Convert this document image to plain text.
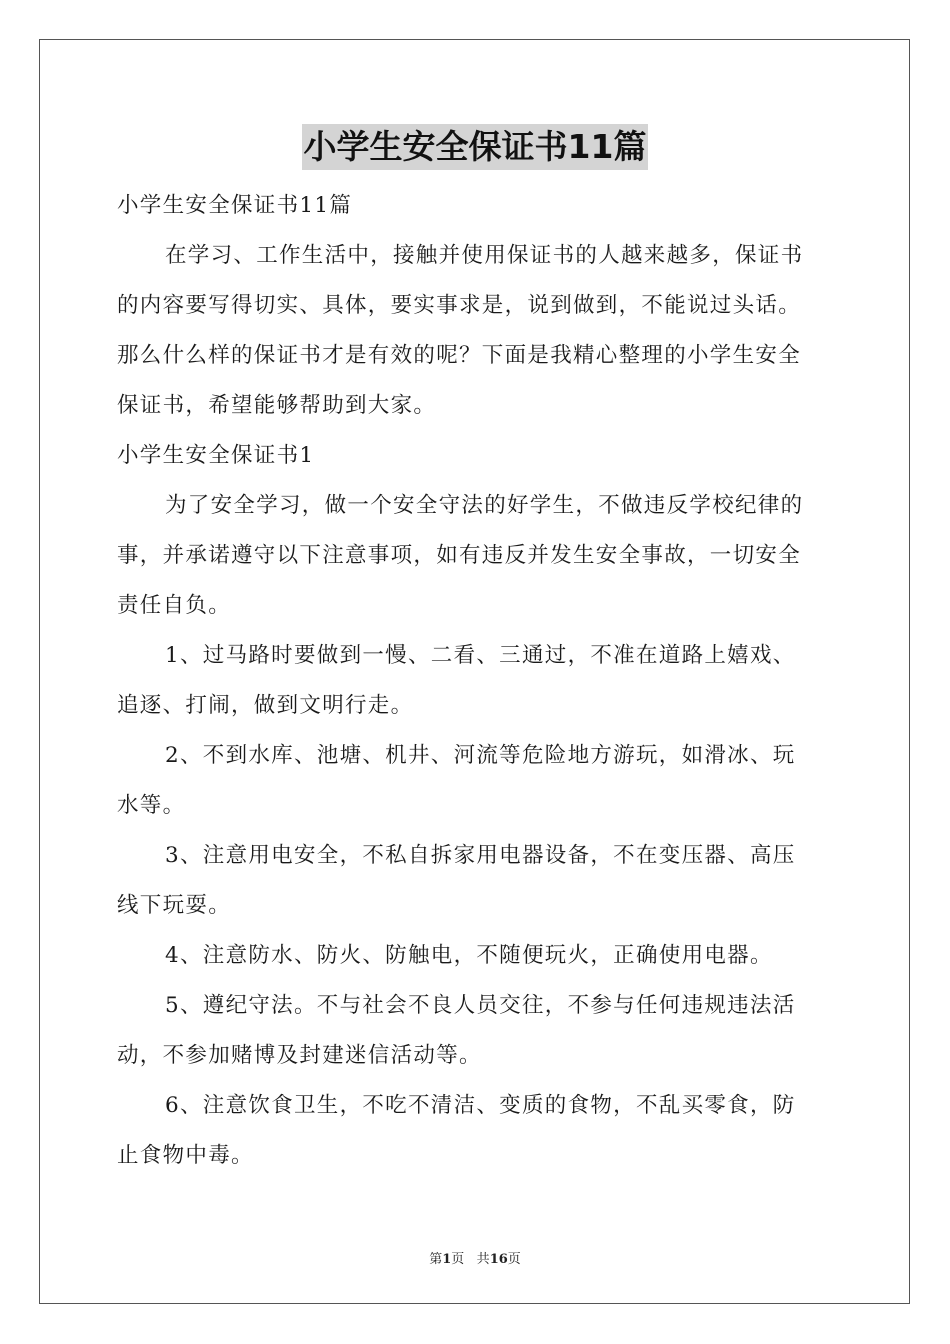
小学生安全保证书11篇
小学生安全保证书11篇
在学习、工作生活中，接触并使用保证书的人越来越多，保证书
的内容要写得切实、具体，要实事求是，说到做到，不能说过头话。
那么什么样的保证书才是有效的呢？下面是我精心整理的小学生安全
保证书，希望能够帮助到大家。
小学生安全保证书1
为了安全学习，做一个安全守法的好学生，不做违反学校纪律的
事，并承诺遵守以下注意事项，如有违反并发生安全事故，一切安全
责任自负。
1、过马路时要做到一慢、二看、三通过，不准在道路上嬉戏、
追逐、打闹，做到文明行走。
2、不到水库、池塘、机井、河流等危险地方游玩，如滑冰、玩
水等。
3、注意用电安全，不私自拆家用电器设备，不在变压器、高压
线下玩耍。
4、注意防水、防火、防触电，不随便玩火，正确使用电器。
5、遵纪守法。不与社会不良人员交往，不参与任何违规违法活
动，不参加赌博及封建迷信活动等。
6、注意饮食卫生，不吃不清洁、变质的食物，不乱买零食，防
止食物中毒。
第1页 共16页
